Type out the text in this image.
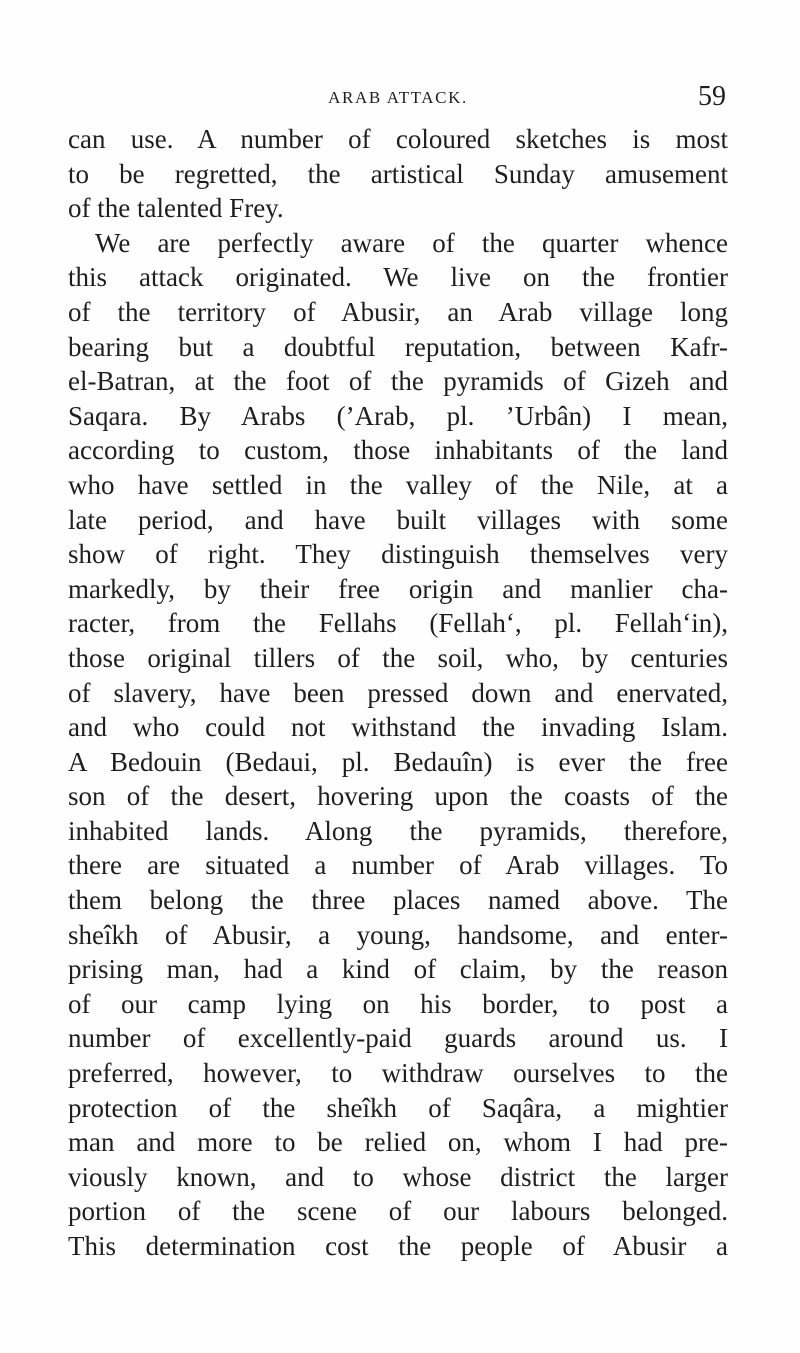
ARAB ATTACK.	59
can use. A number of coloured sketches is most
to be regretted, the artistical Sunday amusement
of the talented Frey.
We are perfectly aware of the quarter whence
this attack originated. We live on the frontier
of the territory of Abusir, an Arab village long
bearing but a doubtful reputation, between Kafr-
el-Batran, at the foot of the pyramids of Gizeh and
Saqara. By Arabs (’Arab, pl. ’Urbân) I mean,
according to custom, those inhabitants of the land
who have settled in the valley of the Nile, at a
late period, and have built villages with some
show of right. They distinguish themselves very
markedly, by their free origin and manlier cha-
racter, from the Fellahs (Fellah‘, pl. Fellah‘in),
those original tillers of the soil, who, by centuries
of slavery, have been pressed down and enervated,
and who could not withstand the invading Islam.
A Bedouin (Bedaui, pl. Bedauîn) is ever the free
son of the desert, hovering upon the coasts of the
inhabited lands. Along the pyramids, therefore,
there are situated a number of Arab villages. To
them belong the three places named above. The
sheîkh of Abusir, a young, handsome, and enter-
prising man, had a kind of claim, by the reason
of our camp lying on his border, to post a
number of excellently-paid guards around us. I
preferred, however, to withdraw ourselves to the
protection of the sheîkh of Saqâra, a mightier
man and more to be relied on, whom I had pre-
viously known, and to whose district the larger
portion of the scene of our labours belonged.
This determination cost the people of Abusir a
